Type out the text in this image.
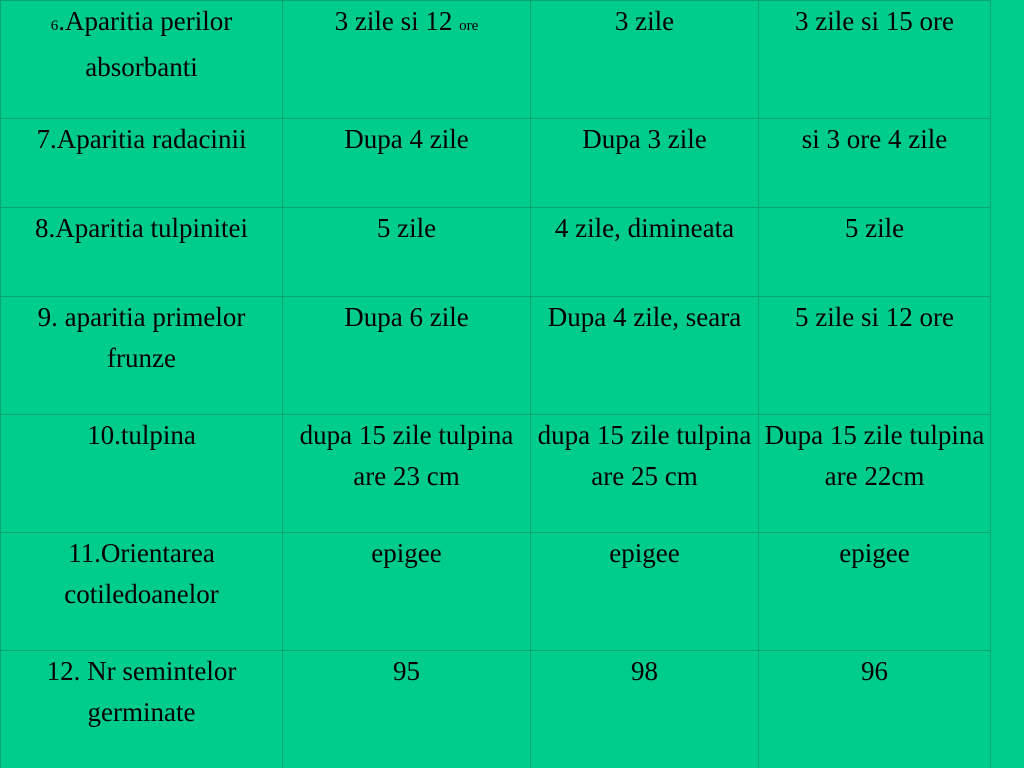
6.Aparitia perilor absorbanti	3 zile si 12 ore	3 zile	3 zile si 15 ore
7.Aparitia radacinii	Dupa 4 zile	Dupa 3 zile	si 3 ore 4 zile
8.Aparitia tulpinitei	5 zile	4 zile, dimineata	5 zile
9. aparitia primelor frunze	Dupa 6 zile	Dupa 4 zile, seara	5 zile si 12 ore
10.tulpina	dupa 15 zile tulpina are 23 cm	dupa 15 zile tulpina are 25 cm	Dupa 15 zile tulpina are 22cm
11.Orientarea cotiledoanelor	epigee	epigee	epigee
12. Nr semintelor germinate	95	98	96
